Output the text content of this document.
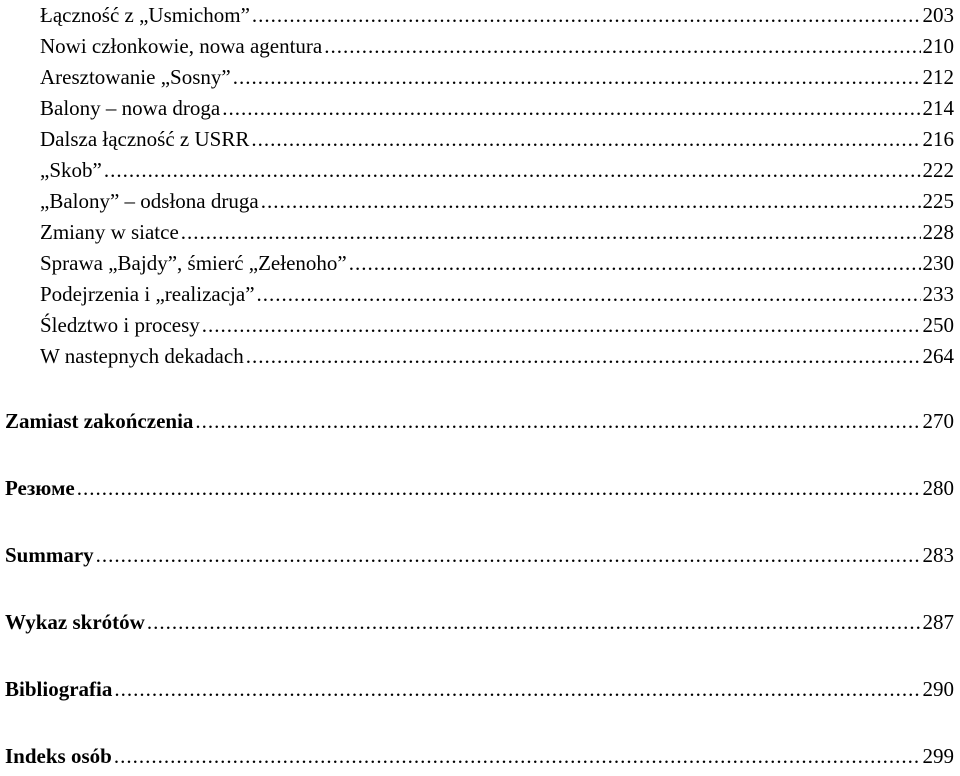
Łączność z „Usmichom” .....	203
Nowi członkowie, nowa agentura .....	210
Aresztowanie „Sosny” .....	212
Balony – nowa droga .....	214
Dalsza łączność z USRR .....	216
„Skob” .....	222
„Balony” – odsłona druga .....	225
Zmiany w siatce .....	228
Sprawa „Bajdy”, śmierć „Zełenoho” .....	230
Podejrzenia i „realizacja” .....	233
Śledztwo i procesy .....	250
W nastepnych dekadach .....	264
Zamiast zakończenia .....	270
Резюме .....	280
Summary .....	283
Wykaz skrótów .....	287
Bibliografia .....	290
Indeks osób .....	299
